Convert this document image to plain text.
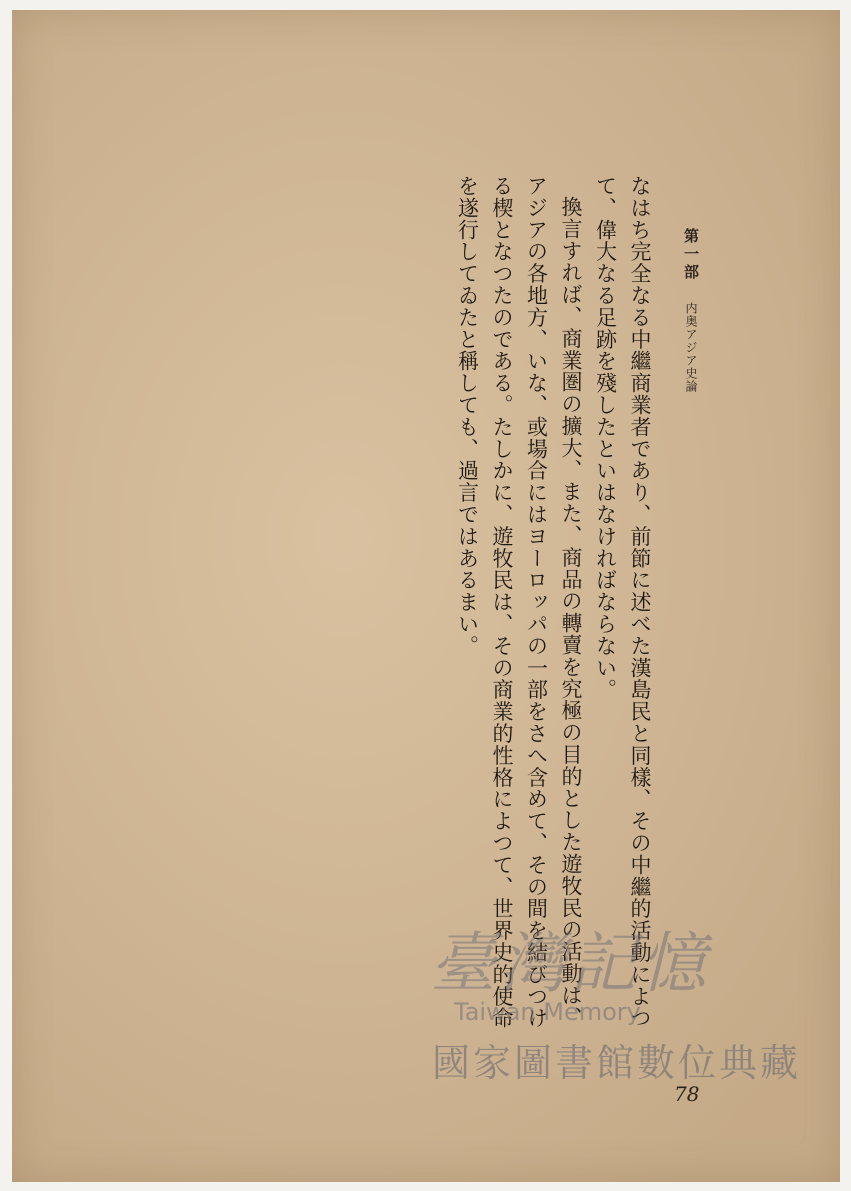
第一部 内奥アジア史論

なはち完全なる中繼商業者であり、前節に述べた漢島民と同樣、その中繼的活動によつて、偉大なる足跡を殘したといはなければならない。

換言すれば、商業圏の擴大、また、商品の轉賣を究極の目的とした遊牧民の活動は、アジアの各地方、いな、或場合にはヨーロッパの一部をさへ含めて、その間を結びつける楔となつたのである。たしかに、遊牧民は、その商業的性格によつて、世界史的使命を遂行してゐたと稱しても、過言ではあるまい。

臺灣記憶
Taiwan Memory
國家圖書館數位典藏
78
